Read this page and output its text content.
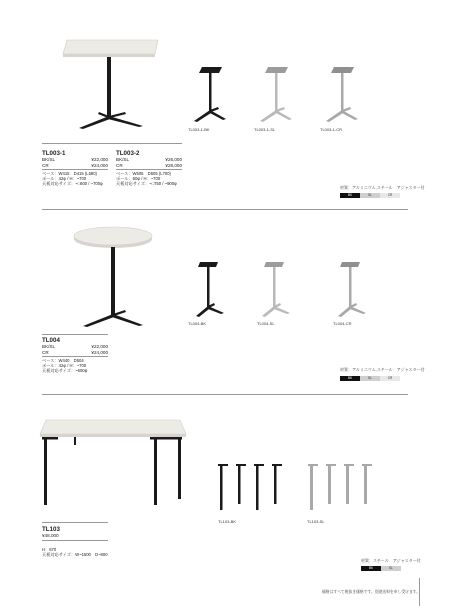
TL003-1-BK	TL003-1-SL	TL003-1-CR
TL003-1
BK/SL	¥22,000
CR	¥24,000
ベース：W415　D415 (L580)
ポール：42φ / H：~700
天板対応サイズ：~□600 / ~700φ
TL003-2
BK/SL	¥26,000
CR	¥28,000
ベース：W505　D505 (L700)
ポール：50φ / H：~700
天板対応サイズ：~□750 / ~900φ
材質：アルミニウム,スチール　アジャスター付
BK	SL	CR
TL004-BK	TL004-SL	TL004-CR
TL004
BK/SL	¥22,000
CR	¥24,000
ベース：W440　D504
ポール：42φ / H：~700
天板対応サイズ：~600φ	材質：アルミニウム,スチール　アジャスター付
BK	SL	CR
TL103-BK	TL103-SL
TL103
¥48,000
H：670
天板対応サイズ：W~1500　D~800
材質：スチール　アジャスター付
BK	SL
価格はすべて税抜き価格です。別途送料を申し受けます。
